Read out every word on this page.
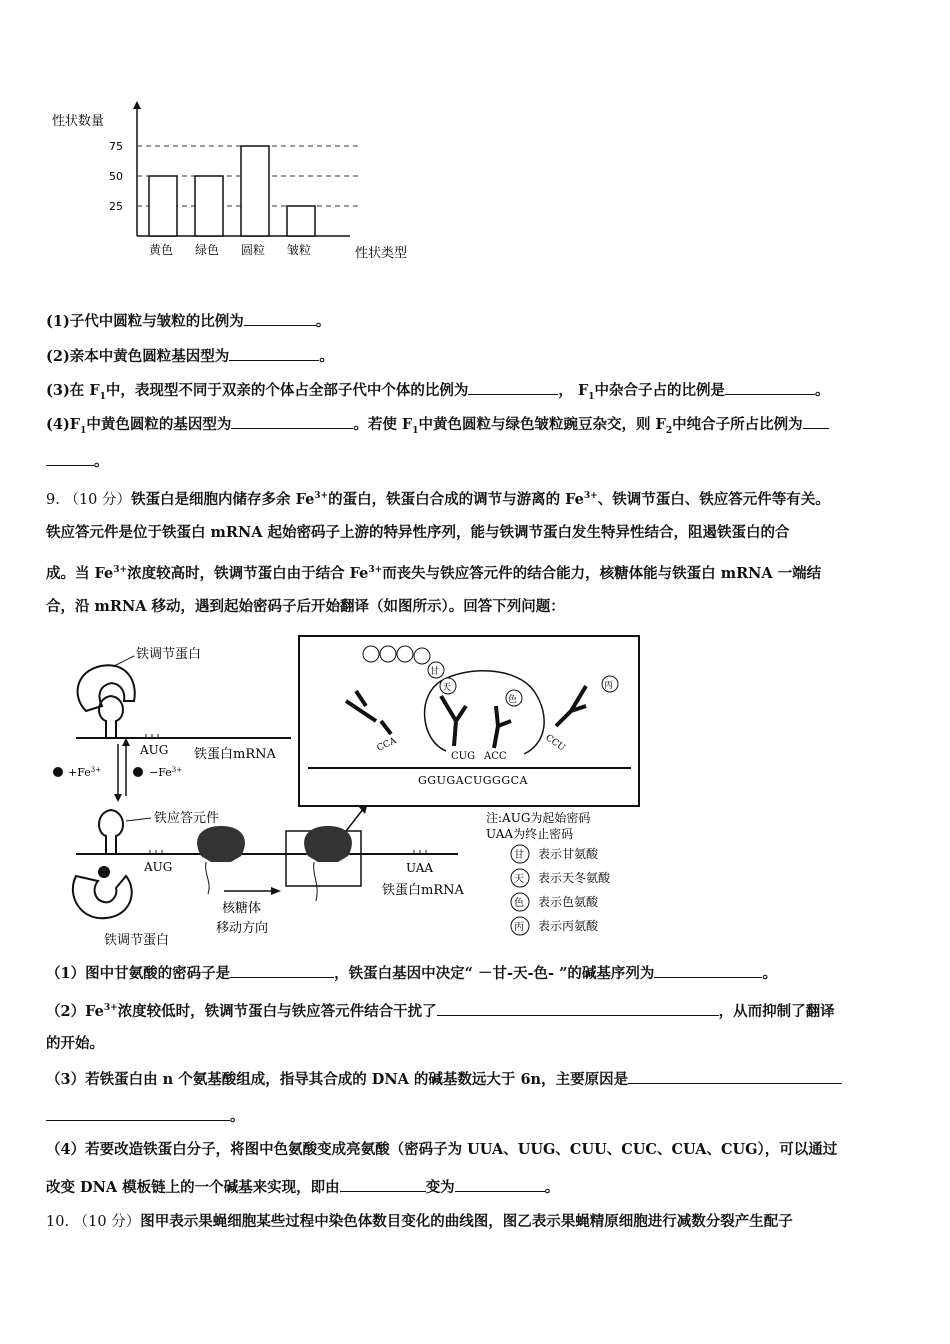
25
50
75
黄色 绿色 圆粒 皱粒
性状数量
性状类型
(1)子代中圆粒与皱粒的比例为	。
(2)亲本中黄色圆粒基因型为	。
(3)在 $F_1$中，表现型不同于双亲的个体占全部子代中个体的比例为	， $F_1$中杂合子占的比例是	。
$(4)F_1$中黄色圆粒的基因型为	。若使 $F_1$中黄色圆粒与绿色皱粒豌豆杂交，则 $F_2$中纯合子所占比例为
。
9. （10 分）铁蛋白是细胞内储存多余 $Fe^{3+}$的蛋白，铁蛋白合成的调节与游离的 $Fe^{3+}$、铁调节蛋白、铁应答元件等有关。
铁应答元件是位于铁蛋白 mRNA 起始密码子上游的特异性序列，能与铁调节蛋白发生特异性结合，阻遏铁蛋白的合
成。当 $Fe^{3+}$浓度较高时，铁调节蛋白由于结合 $Fe^{3+}$而丧失与铁应答元件的结合能力，核糖体能与铁蛋白 mRNA 一端结
合，沿 mRNA 移动，遇到起始密码子后开始翻译（如图所示）。回答下列问题：
铁调节蛋白
AUG 铁蛋白mRNA
$+Fe^{3+}$	$-Fe^{3+}$
铁应答元件
AUG	UAA
铁蛋白mRNA
铁调节蛋白
核糖体
移动方向
GGUGACUGGGCA
CUG ACC
CCA	CCU
甘
天
色
丙
注:AUG为起始密码
UAA为终止密码
甘 表示甘氨酸
天 表示天冬氨酸
色 表示色氨酸
丙 表示丙氨酸
（1）图中甘氨酸的密码子是	，铁蛋白基因中决定“ －甘-天-色- ”的碱基序列为	。
$(2)Fe^{3+}$浓度较低时，铁调节蛋白与铁应答元件结合干扰了	，从而抑制了翻译
的开始。
（3）若铁蛋白由 n 个氨基酸组成，指导其合成的 DNA 的碱基数远大于 6n，主要原因是
。
（4）若要改造铁蛋白分子，将图中色氨酸变成亮氨酸（密码子为 UUA、UUG、CUU、CUC、CUA、CUG），可以通过
改变 DNA 模板链上的一个碱基来实现，即由	变为	。
10. （10 分）图甲表示果蝇细胞某些过程中染色体数目变化的曲线图，图乙表示果蝇精原细胞进行减数分裂产生配子
